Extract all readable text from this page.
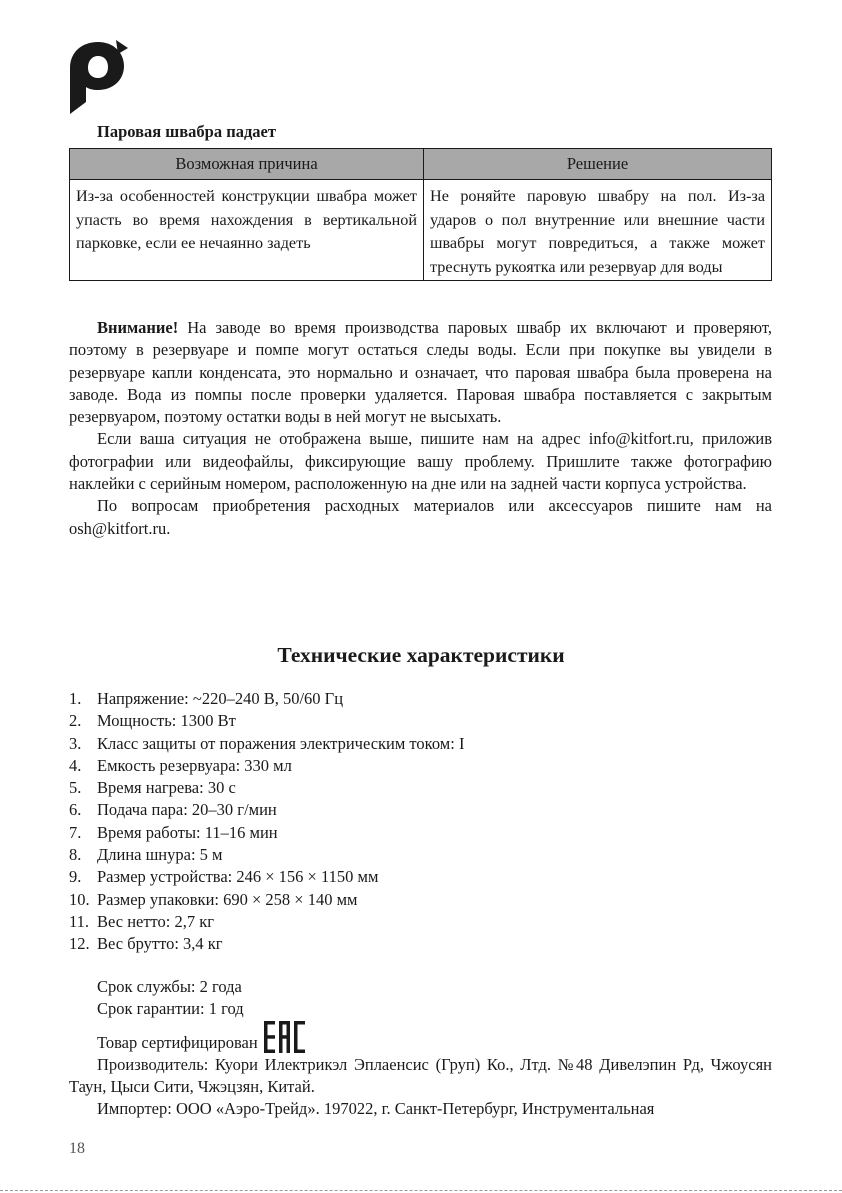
Паровая швабра падает
Возможная причина	Решение
Из-за особенностей конструкции швабра может упасть во время нахождения в вертикальной парковке, если ее нечаянно задеть	Не роняйте паровую швабру на пол. Из-за ударов о пол внутренние или внешние части швабры могут повредиться, а также может треснуть рукоятка или резервуар для воды

Внимание! На заводе во время производства паровых швабр их включают и проверяют, поэтому в резервуаре и помпе могут остаться следы воды. Если при покупке вы увидели в резервуаре капли конденсата, это нормально и означает, что паровая швабра была проверена на заводе. Вода из помпы после проверки удаляется. Паровая швабра поставляется с закрытым резервуаром, поэтому остатки воды в ней могут не высыхать.

Если ваша ситуация не отображена выше, пишите нам на адрес info@kitfort.ru, приложив фотографии или видеофайлы, фиксирующие вашу проблему. Пришлите также фотографию наклейки с серийным номером, расположенную на дне или на задней части корпуса устройства.

По вопросам приобретения расходных материалов или аксессуаров пишите нам на osh@kitfort.ru.

Технические характеристики
1. Напряжение: ~220–240 В, 50/60 Гц
2. Мощность: 1300 Вт
3. Класс защиты от поражения электрическим током: I
4. Емкость резервуара: 330 мл
5. Время нагрева: 30 с
6. Подача пара: 20–30 г/мин
7. Время работы: 11–16 мин
8. Длина шнура: 5 м
9. Размер устройства: 246 × 156 × 1150 мм
10. Размер упаковки: 690 × 258 × 140 мм
11. Вес нетто: 2,7 кг
12. Вес брутто: 3,4 кг
Срок службы: 2 года
Срок гарантии: 1 год
Товар сертифицирован

Производитель: Куори Илектрикэл Эплаенсис (Груп) Ко., Лтд. №48 Дивелэпин Рд, Чжоусян Таун, Цыси Сити, Чжэцзян, Китай.

Импортер: ООО «Аэро-Трейд». 197022, г. Санкт-Петербург, Инструментальная

18
